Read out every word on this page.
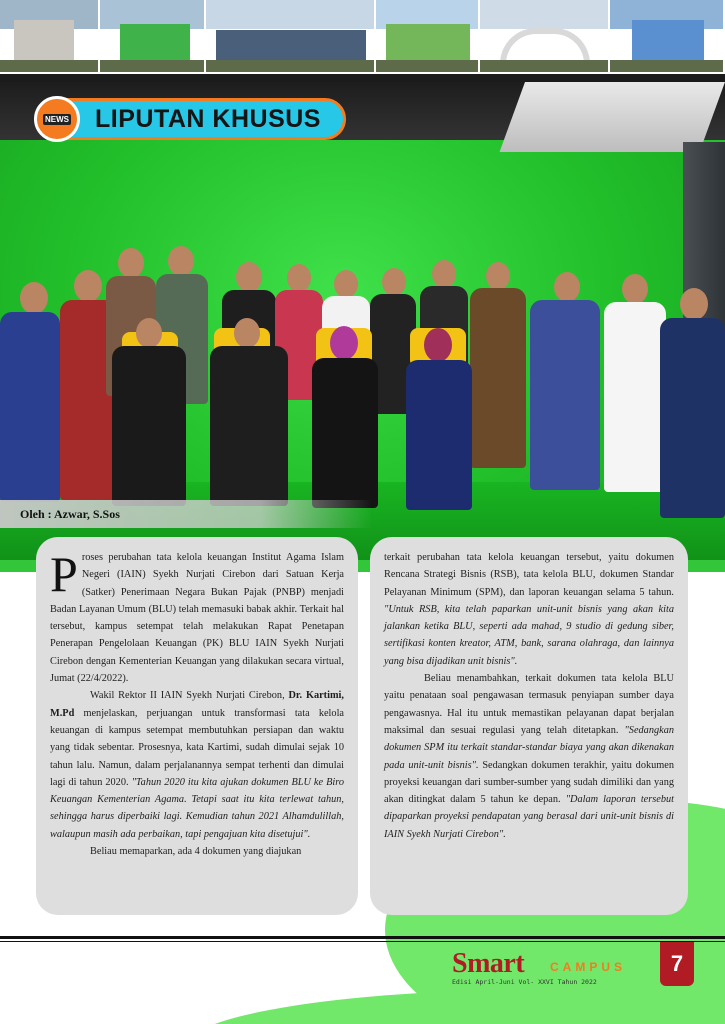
NEWS LIPUTAN KHUSUS
Oleh : Azwar, S.Sos

Proses perubahan tata kelola keuangan Institut Agama Islam Negeri (IAIN) Syekh Nurjati Cirebon dari Satuan Kerja (Satker) Penerimaan Negara Bukan Pajak (PNBP) menjadi Badan Layanan Umum (BLU) telah memasuki babak akhir. Terkait hal tersebut, kampus setempat telah melakukan Rapat Penetapan Penerapan Pengelolaan Keuangan (PK) BLU IAIN Syekh Nurjati Cirebon dengan Kementerian Keuangan yang dilakukan secara virtual, Jumat (22/4/2022).

Wakil Rektor II IAIN Syekh Nurjati Cirebon, Dr. Kartimi, M.Pd menjelaskan, perjuangan untuk transformasi tata kelola keuangan di kampus setempat membutuhkan persiapan dan waktu yang tidak sebentar. Prosesnya, kata Kartimi, sudah dimulai sejak 10 tahun lalu. Namun, dalam perjalanannya sempat terhenti dan dimulai lagi di tahun 2020. "Tahun 2020 itu kita ajukan dokumen BLU ke Biro Keuangan Kementerian Agama. Tetapi saat itu kita terlewat tahun, sehingga harus diperbaiki lagi. Kemudian tahun 2021 Alhamdulillah, walaupun masih ada perbaikan, tapi pengajuan kita disetujui".

Beliau memaparkan, ada 4 dokumen yang diajukan

terkait perubahan tata kelola keuangan tersebut, yaitu dokumen Rencana Strategi Bisnis (RSB), tata kelola BLU, dokumen Standar Pelayanan Minimum (SPM), dan laporan keuangan selama 5 tahun. "Untuk RSB, kita telah paparkan unit-unit bisnis yang akan kita jalankan ketika BLU, seperti ada mahad, 9 studio di gedung siber, sertifikasi konten kreator, ATM, bank, sarana olahraga, dan lainnya yang bisa dijadikan unit bisnis".

Beliau menambahkan, terkait dokumen tata kelola BLU yaitu penataan soal pengawasan termasuk penyiapan sumber daya pengawasnya. Hal itu untuk memastikan pelayanan dapat berjalan maksimal dan sesuai regulasi yang telah ditetapkan. "Sedangkan dokumen SPM itu terkait standar-standar biaya yang akan dikenakan pada unit-unit bisnis". Sedangkan dokumen terakhir, yaitu dokumen proyeksi keuangan dari sumber-sumber yang sudah dimiliki dan yang akan ditingkat dalam 5 tahun ke depan. "Dalam laporan tersebut dipaparkan proyeksi pendapatan yang berasal dari unit-unit bisnis di IAIN Syekh Nurjati Cirebon".

Smart CAMPUS
Edisi April-Juni Vol- XXVI Tahun 2022
7
